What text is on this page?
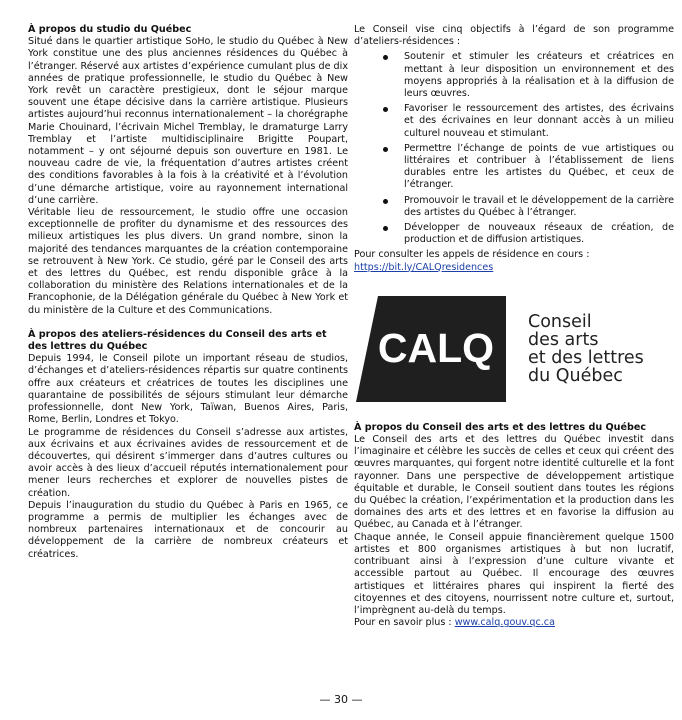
À propos du studio du Québec

Situé dans le quartier artistique SoHo, le studio du Québec à New York constitue une des plus anciennes résidences du Québec à l’étranger. Réservé aux artistes d’expérience cumulant plus de dix années de pratique professionnelle, le studio du Québec à New York revêt un caractère prestigieux, dont le séjour marque souvent une étape décisive dans la carrière artistique. Plusieurs artistes aujourd’hui reconnus internationalement – la chorégraphe Marie Chouinard, l’écrivain Michel Tremblay, le dramaturge Larry Tremblay et l’artiste multidisciplinaire Brigitte Poupart, notamment – y ont séjourné depuis son ouverture en 1981. Le nouveau cadre de vie, la fréquentation d’autres artistes créent des conditions favorables à la fois à la créativité et à l’évolution d’une démarche artistique, voire au rayonnement international d’une carrière.

Véritable lieu de ressourcement, le studio offre une occasion exceptionnelle de profiter du dynamisme et des ressources des milieux artistiques les plus divers. Un grand nombre, sinon la majorité des tendances marquantes de la création contemporaine se retrouvent à New York. Ce studio, géré par le Conseil des arts et des lettres du Québec, est rendu disponible grâce à la collaboration du ministère des Relations internationales et de la Francophonie, de la Délégation générale du Québec à New York et du ministère de la Culture et des Communications.

À propos des ateliers-résidences du Conseil des arts et des lettres du Québec

Depuis 1994, le Conseil pilote un important réseau de studios, d’échanges et d’ateliers-résidences répartis sur quatre continents offre aux créateurs et créatrices de toutes les disciplines une quarantaine de possibilités de séjours stimulant leur démarche professionnelle, dont New York, Taïwan, Buenos Aires, Paris, Rome, Berlin, Londres et Tokyo.

Le programme de résidences du Conseil s’adresse aux artistes, aux écrivains et aux écrivaines avides de ressourcement et de découvertes, qui désirent s’immerger dans d’autres cultures ou avoir accès à des lieux d’accueil réputés internationalement pour mener leurs recherches et explorer de nouvelles pistes de création.

Depuis l’inauguration du studio du Québec à Paris en 1965, ce programme a permis de multiplier les échanges avec de nombreux partenaires internationaux et de concourir au développement de la carrière de nombreux créateurs et créatrices.

Le Conseil vise cinq objectifs à l’égard de son programme d’ateliers-résidences :

Soutenir et stimuler les créateurs et créatrices en mettant à leur disposition un environnement et des moyens appropriés à la réalisation et à la diffusion de leurs œuvres.
Favoriser le ressourcement des artistes, des écrivains et des écrivaines en leur donnant accès à un milieu culturel nouveau et stimulant.
Permettre l’échange de points de vue artistiques ou littéraires et contribuer à l’établissement de liens durables entre les artistes du Québec, et ceux de l’étranger.
Promouvoir le travail et le développement de la carrière des artistes du Québec à l’étranger.
Développer de nouveaux réseaux de création, de production et de diffusion artistiques.

Pour consulter les appels de résidence en cours :

https://bit.ly/CALQresidences

CALQ
Conseil
des arts
et des lettres
du Québec

À propos du Conseil des arts et des lettres du Québec

Le Conseil des arts et des lettres du Québec investit dans l’imaginaire et célèbre les succès de celles et ceux qui créent des œuvres marquantes, qui forgent notre identité culturelle et la font rayonner. Dans une perspective de développement artistique équitable et durable, le Conseil soutient dans toutes les régions du Québec la création, l’expérimentation et la production dans les domaines des arts et des lettres et en favorise la diffusion au Québec, au Canada et à l’étranger.

Chaque année, le Conseil appuie financièrement quelque 1500 artistes et 800 organismes artistiques à but non lucratif, contribuant ainsi à l’expression d’une culture vivante et accessible partout au Québec. Il encourage des œuvres artistiques et littéraires phares qui inspirent la fierté des citoyennes et des citoyens, nourrissent notre culture et, surtout, l’imprègnent au-delà du temps.

Pour en savoir plus : www.calq.gouv.qc.ca

— 30 —
